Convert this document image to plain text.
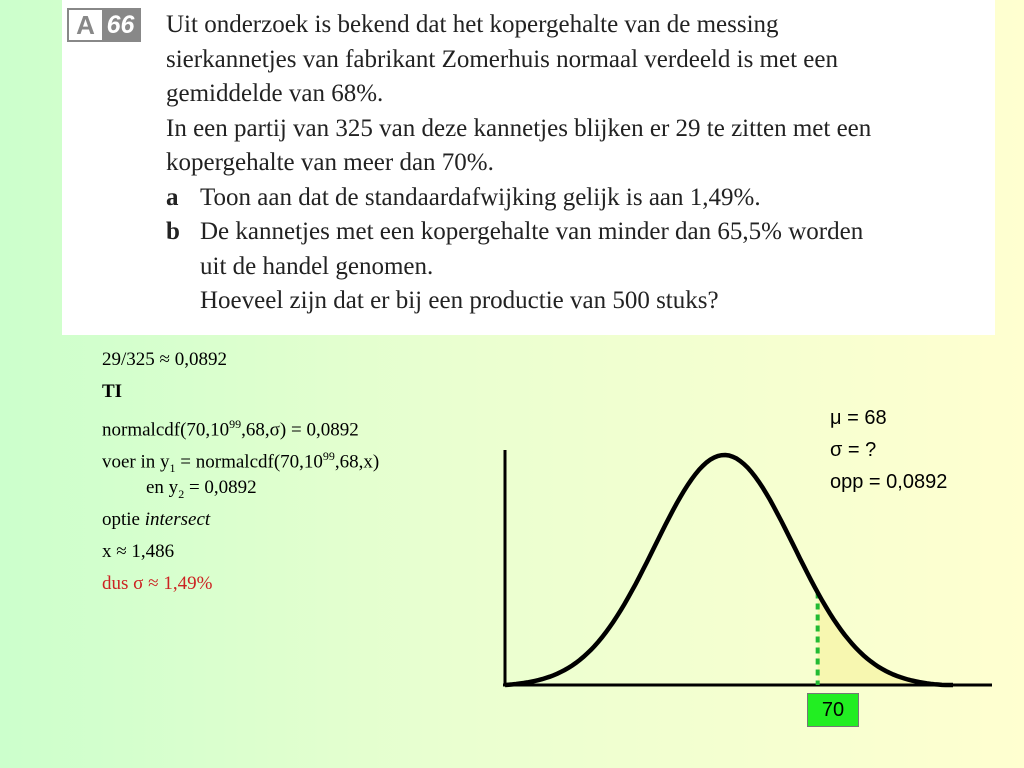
A 66 Uit onderzoek is bekend dat het kopergehalte van de messing

sierkannetjes van fabrikant Zomerhuis normaal verdeeld is met een

gemiddelde van 68%.

In een partij van 325 van deze kannetjes blijken er 29 te zitten met een

kopergehalte van meer dan 70%.

a Toon aan dat de standaardafwijking gelijk is aan 1,49%.

b De kannetjes met een kopergehalte van minder dan 65,5% worden

uit de handel genomen.

Hoeveel zijn dat er bij een productie van 500 stuks?

29/325 ≈ 0,0892
TI
$normalcdf(70,10^{99},68,\sigma) = 0,0892$
voer in $y_1$ = $normalcdf(70,10^{99},68,x)$
en $y_2 = 0,0892$
optie intersect
x ≈ 1,486
dus σ ≈ 1,49%
μ = 68
σ = ?
opp = 0,0892
70
